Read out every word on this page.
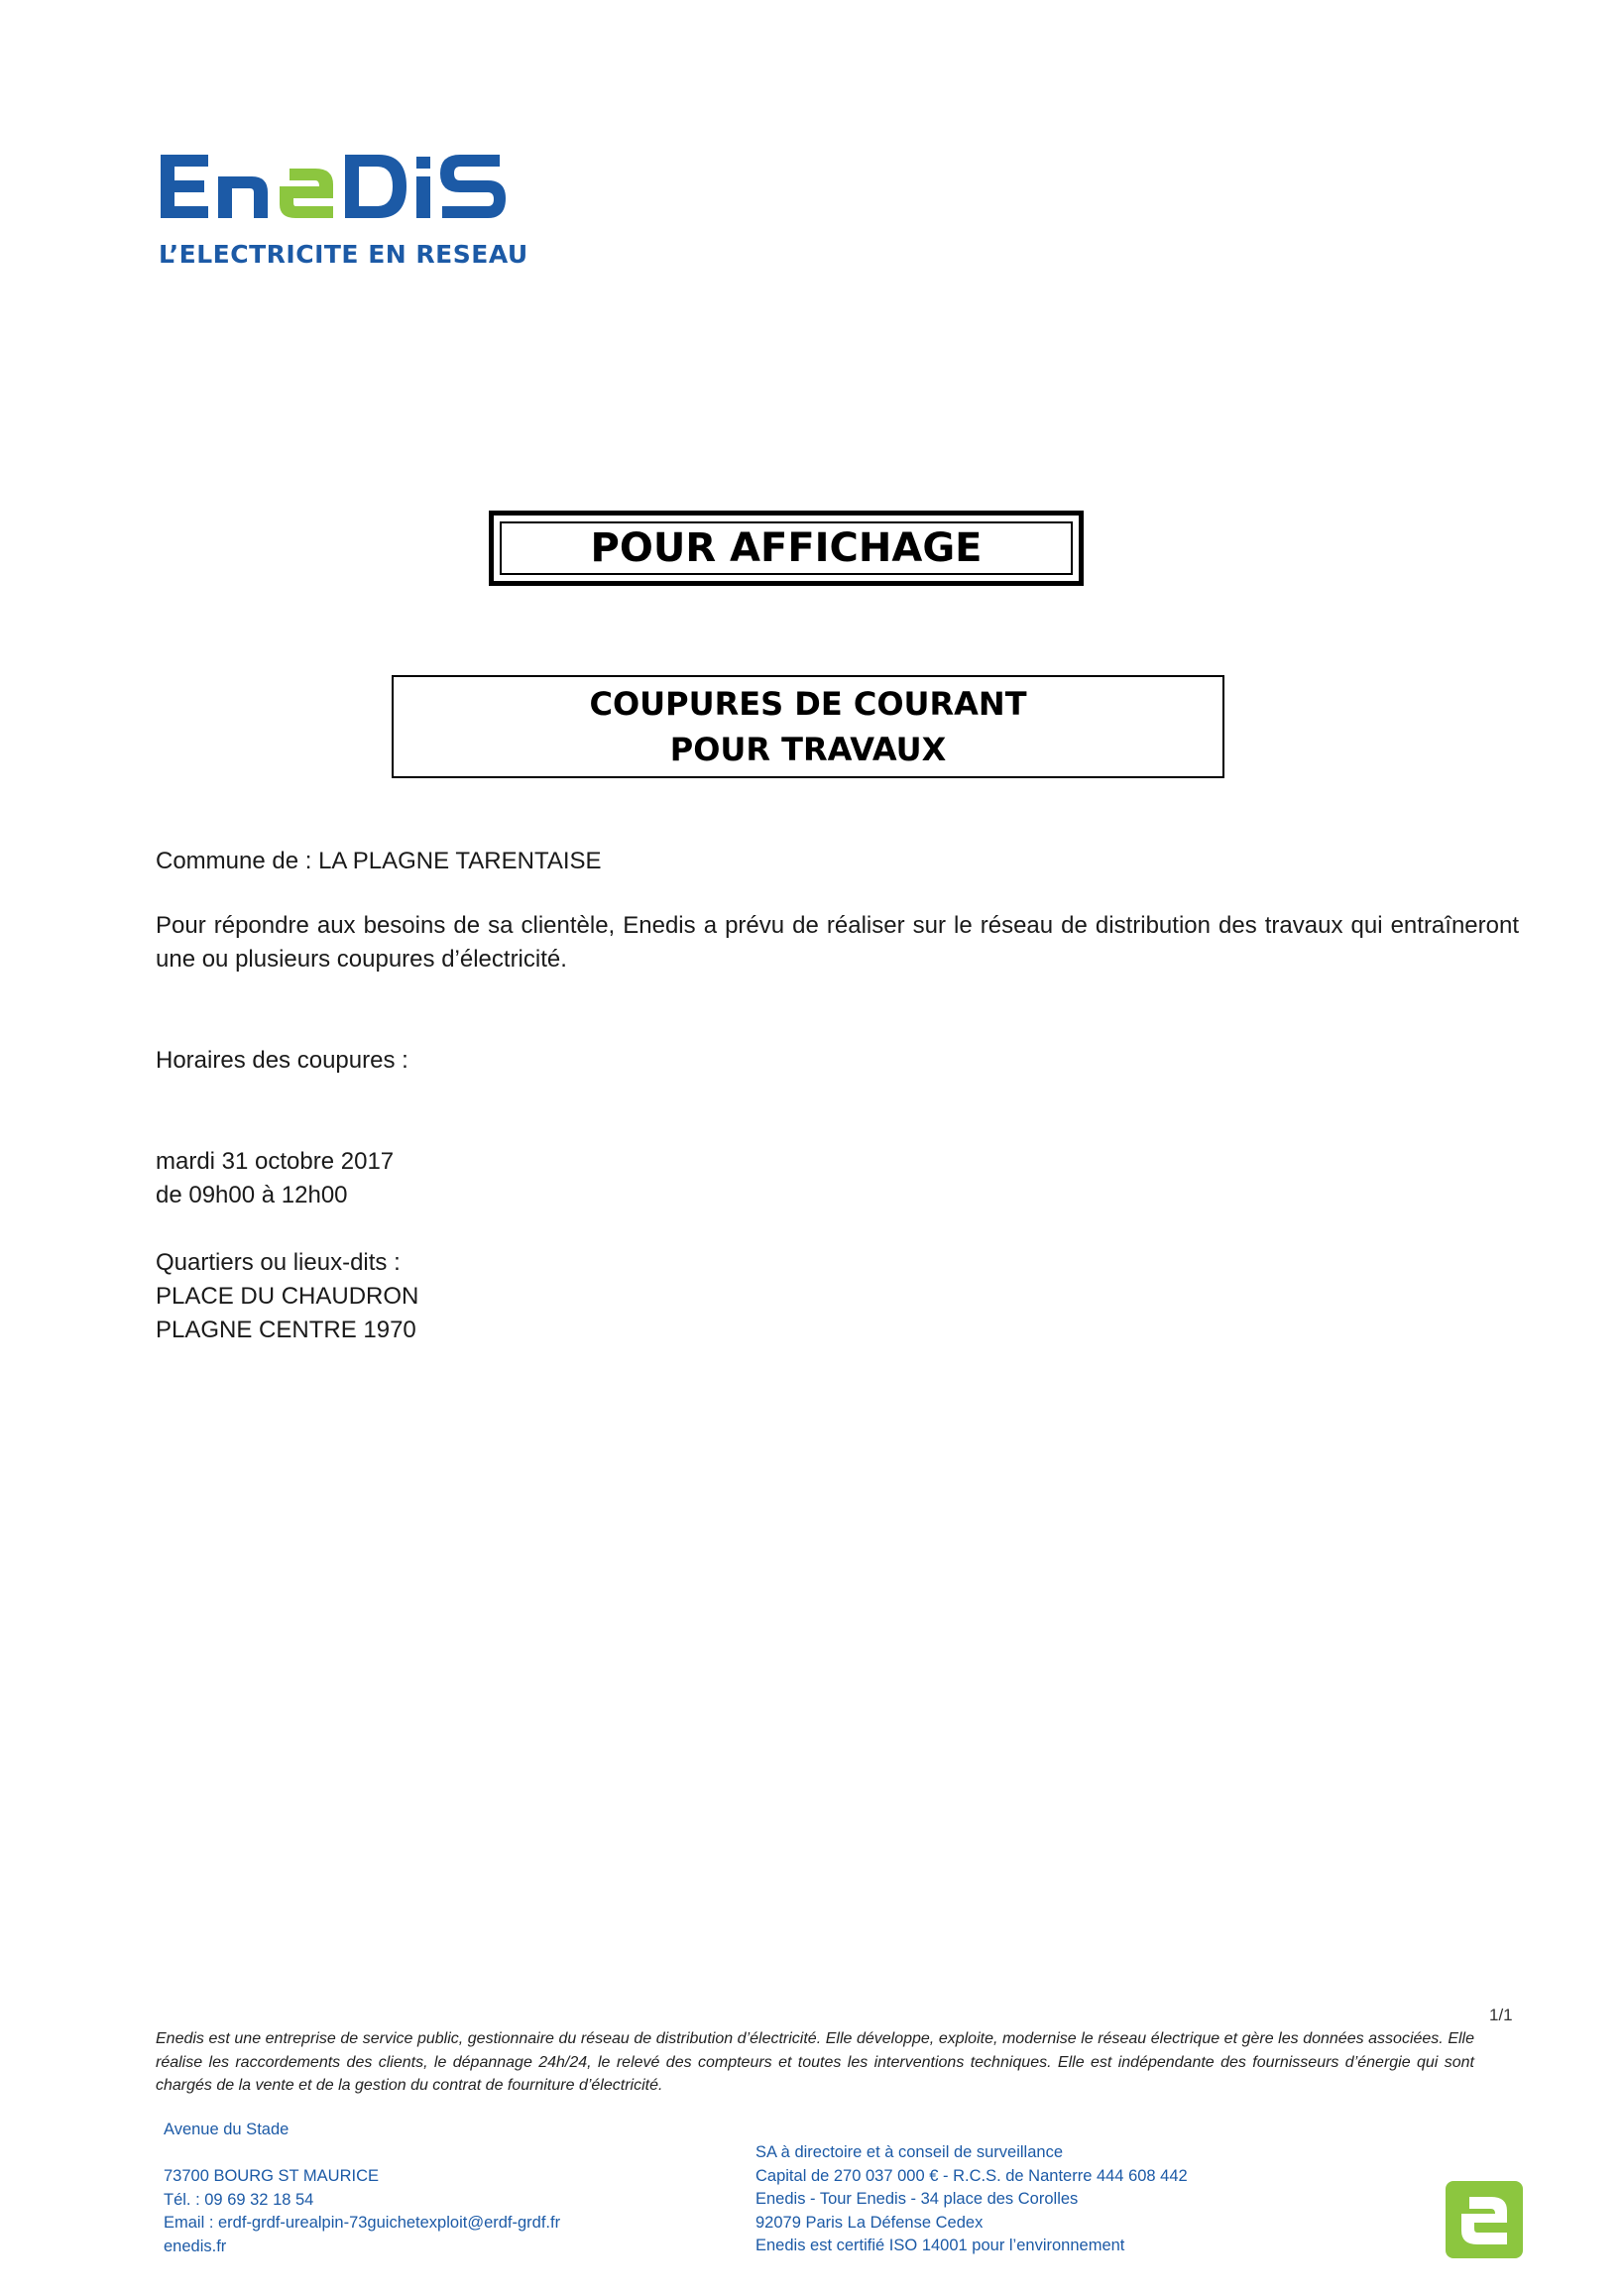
L’ELECTRICITE EN RESEAU
POUR AFFICHAGE
COUPURES DE COURANT
POUR TRAVAUX
Commune de : LA PLAGNE TARENTAISE
Pour répondre aux besoins de sa clientèle, Enedis a prévu de réaliser sur le réseau de distribution des travaux qui entraîneront une ou plusieurs coupures d’électricité.
Horaires des coupures :
mardi 31 octobre 2017
de 09h00 à 12h00
Quartiers ou lieux-dits :
PLACE DU CHAUDRON
PLAGNE CENTRE 1970
1/1
Enedis est une entreprise de service public, gestionnaire du réseau de distribution d’électricité. Elle développe, exploite, modernise le réseau électrique et gère les données associées. Elle réalise les raccordements des clients, le dépannage 24h/24, le relevé des compteurs et toutes les interventions techniques. Elle est indépendante des fournisseurs d’énergie qui sont chargés de la vente et de la gestion du contrat de fourniture d’électricité.
Avenue du Stade
73700 BOURG ST MAURICE
Tél. : 09 69 32 18 54
Email : erdf-grdf-urealpin-73guichetexploit@erdf-grdf.fr
enedis.fr
SA à directoire et à conseil de surveillance
Capital de 270 037 000 € - R.C.S. de Nanterre 444 608 442
Enedis - Tour Enedis - 34 place des Corolles
92079 Paris La Défense Cedex
Enedis est certifié ISO 14001 pour l’environnement
